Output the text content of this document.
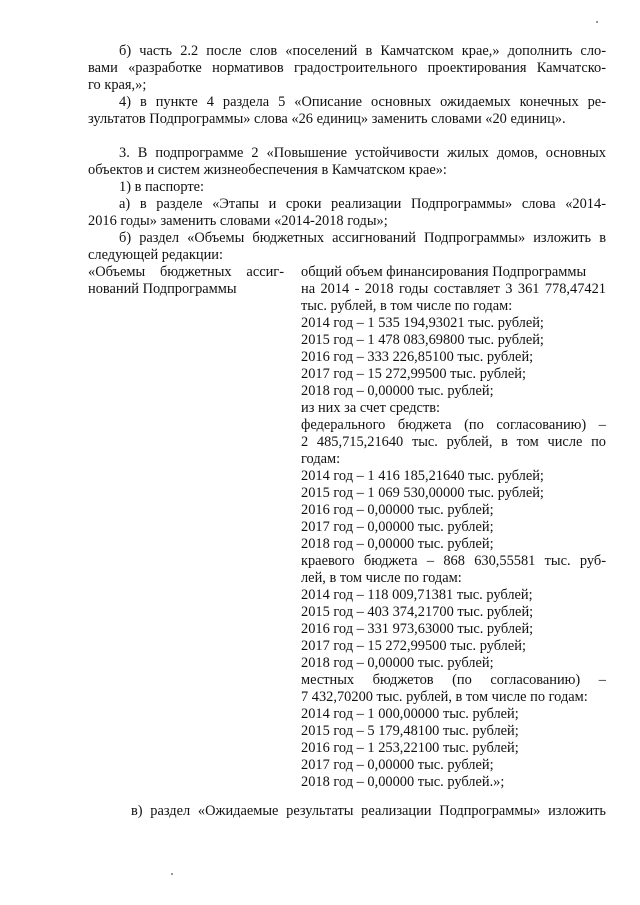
б) часть 2.2 после слов «поселений в Камчатском крае,» дополнить сло-
вами «разработке нормативов градостроительного проектирования Камчатско-
го края,»;
4) в пункте 4 раздела 5 «Описание основных ожидаемых конечных ре-
зультатов Подпрограммы» слова «26 единиц» заменить словами «20 единиц».
3. В подпрограмме 2 «Повышение устойчивости жилых домов, основных
объектов и систем жизнеобеспечения в Камчатском крае»:
1) в паспорте:
а) в разделе «Этапы и сроки реализации Подпрограммы» слова «2014-
2016 годы» заменить словами «2014-2018 годы»;
б) раздел «Объемы бюджетных ассигнований Подпрограммы» изложить в
следующей редакции:
«Объемы бюджетных ассиг-
нований Подпрограммы
общий объем финансирования Подпрограммы
на 2014 - 2018 годы составляет 3 361 778,47421
тыс. рублей, в том числе по годам:
2014 год – 1 535 194,93021 тыс. рублей;
2015 год – 1 478 083,69800 тыс. рублей;
2016 год – 333 226,85100 тыс. рублей;
2017 год – 15 272,99500 тыс. рублей;
2018 год – 0,00000 тыс. рублей;
из них за счет средств:
федерального бюджета (по согласованию) –
2 485,715,21640 тыс. рублей, в том числе по
годам:
2014 год – 1 416 185,21640 тыс. рублей;
2015 год – 1 069 530,00000 тыс. рублей;
2016 год – 0,00000 тыс. рублей;
2017 год – 0,00000 тыс. рублей;
2018 год – 0,00000 тыс. рублей;
краевого бюджета – 868 630,55581 тыс. руб-
лей, в том числе по годам:
2014 год – 118 009,71381 тыс. рублей;
2015 год – 403 374,21700 тыс. рублей;
2016 год – 331 973,63000 тыс. рублей;
2017 год – 15 272,99500 тыс. рублей;
2018 год – 0,00000 тыс. рублей;
местных бюджетов (по согласованию) –
7 432,70200 тыс. рублей, в том числе по годам:
2014 год – 1 000,00000 тыс. рублей;
2015 год – 5 179,48100 тыс. рублей;
2016 год – 1 253,22100 тыс. рублей;
2017 год – 0,00000 тыс. рублей;
2018 год – 0,00000 тыс. рублей.»;
в) раздел «Ожидаемые результаты реализации Подпрограммы» изложить
